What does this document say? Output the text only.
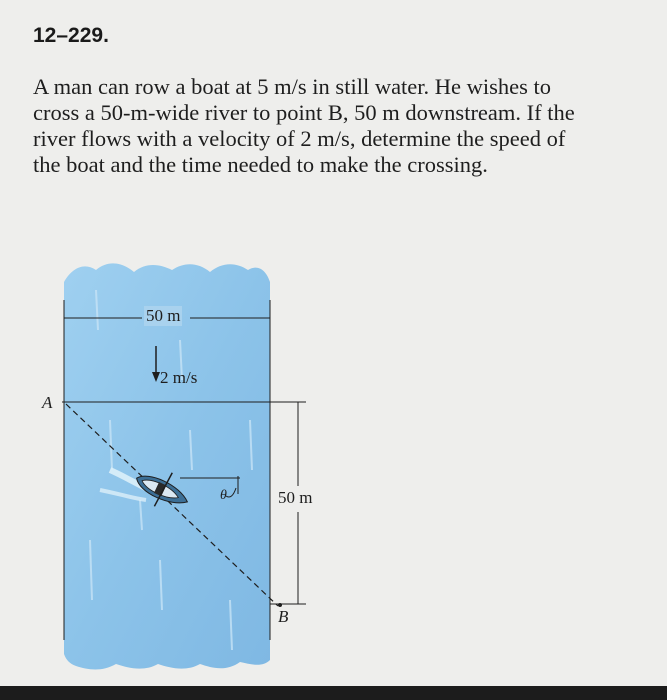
12–229.
A man can row a boat at 5 m/s in still water. He wishes to
cross a 50-m-wide river to point B, 50 m downstream. If the
river flows with a velocity of 2 m/s, determine the speed of
the boat and the time needed to make the crossing.
50 m
2 m/s
A
50 m
B
θ
